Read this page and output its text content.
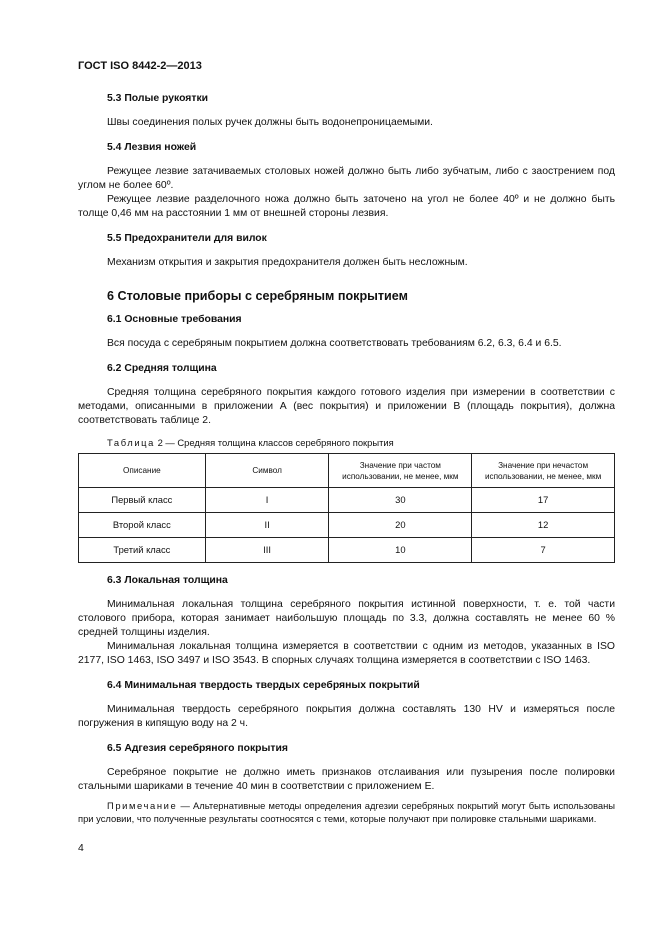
ГОСТ ISO 8442-2—2013
5.3 Полые рукоятки

Швы соединения полых ручек должны быть водонепроницаемыми.

5.4 Лезвия ножей

Режущее лезвие затачиваемых столовых ножей должно быть либо зубчатым, либо с заострением под углом не более 60º.

Режущее лезвие разделочного ножа должно быть заточено на угол не более 40º и не должно быть толще 0,46 мм на расстоянии 1 мм от внешней стороны лезвия.

5.5 Предохранители для вилок

Механизм открытия и закрытия предохранителя должен быть несложным.

6 Столовые приборы с серебряным покрытием
6.1 Основные требования

Вся посуда с серебряным покрытием должна соответствовать требованиям 6.2, 6.3, 6.4 и 6.5.

6.2 Средняя толщина

Средняя толщина серебряного покрытия каждого готового изделия при измерении в соответствии с методами, описанными в приложении А (вес покрытия) и приложении В (площадь покрытия), должна соответствовать таблице 2.

Таблица 2 — Средняя толщина классов серебряного покрытия

Описание	Символ	Значение при частом использовании, не менее, мкм	Значение при нечастом использовании, не менее, мкм
Первый класс	I	30	17
Второй класс	II	20	12
Третий класс	III	10	7
6.3 Локальная толщина

Минимальная локальная толщина серебряного покрытия истинной поверхности, т. е. той части столового прибора, которая занимает наибольшую площадь по 3.3, должна составлять не менее 60 % средней толщины изделия.

Минимальная локальная толщина измеряется в соответствии с одним из методов, указанных в ISO 2177, ISO 1463, ISO 3497 и ISO 3543. В спорных случаях толщина измеряется в соответствии с ISO 1463.

6.4 Минимальная твердость твердых серебряных покрытий

Минимальная твердость серебряного покрытия должна составлять 130 HV и измеряться после погружения в кипящую воду на 2 ч.

6.5 Адгезия серебряного покрытия

Серебряное покрытие не должно иметь признаков отслаивания или пузырения после полировки стальными шариками в течение 40 мин в соответствии с приложением Е.

Примечание — Альтернативные методы определения адгезии серебряных покрытий могут быть использованы при условии, что полученные результаты соотносятся с теми, которые получают при полировке стальными шариками.

4
